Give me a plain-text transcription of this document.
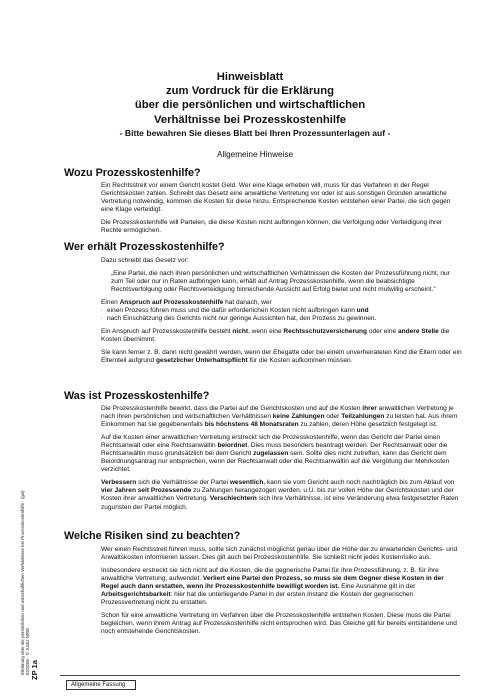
Hinweisblatt
zum Vordruck für die Erklärung
über die persönlichen und wirtschaftlichen
Verhältnisse bei Prozesskostenhilfe
- Bitte bewahren Sie dieses Blatt bei Ihren Prozessunterlagen auf -
Allgemeine Hinweise
Wozu Prozesskostenhilfe?

Ein Rechtsstreit vor einem Gericht kostet Geld. Wer eine Klage erheben will, muss für das Verfahren in der Regel Gerichtskosten zahlen. Schreibt das Gesetz eine anwaltliche Vertretung vor oder ist aus sonstigen Gründen anwaltliche Vertretung notwendig, kommen die Kosten für diese hinzu. Entsprechende Kosten entstehen einer Partei, die sich gegen eine Klage verteidigt.

Die Prozesskostenhilfe will Parteien, die diese Kosten nicht aufbringen können, die Verfolgung oder Verteidigung ihrer Rechte ermöglichen.

Wer erhält Prozesskostenhilfe?

Dazu schreibt das Gesetz vor:

„Eine Partei, die nach ihren persönlichen und wirtschaftlichen Verhältnissen die Kosten der Prozessführung nicht, nur zum Teil oder nur in Raten aufbringen kann, erhält auf Antrag Prozesskostenhilfe, wenn die beabsichtigte Rechtsverfolgung oder Rechtsverteidigung hinreichende Aussicht auf Erfolg bietet und nicht mutwillig erscheint."

Einen Anspruch auf Prozesskostenhilfe hat danach, wer

· einen Prozess führen muss und die dafür erforderlichen Kosten nicht aufbringen kann und

· nach Einschätzung des Gerichts nicht nur geringe Aussichten hat, den Prozess zu gewinnen.

Ein Anspruch auf Prozesskostenhilfe besteht nicht, wenn eine Rechtsschutzversicherung oder eine andere Stelle die Kosten übernimmt.

Sie kann ferner z. B. dann nicht gewährt werden, wenn der Ehegatte oder bei einem unverheirateten Kind die Eltern oder ein Elternteil aufgrund gesetzlicher Unterhaltspflicht für die Kosten aufkommen müssen.

Was ist Prozesskostenhilfe?

Die Prozesskostenhilfe bewirkt, dass die Partei auf die Gerichtskosten und auf die Kosten ihrer anwaltlichen Vertretung je nach ihren persönlichen und wirtschaftlichen Verhältnissen keine Zahlungen oder Teilzahlungen zu leisten hat. Aus ihrem Einkommen hat sie gegebenenfalls bis höchstens 48 Monatsraten zu zahlen, deren Höhe gesetzlich festgelegt ist.

Auf die Kosten einer anwaltlichen Vertretung erstreckt sich die Prozesskostenhilfe, wenn das Gericht der Partei einen Rechtsanwalt oder eine Rechtsanwältin beiordnet. Dies muss besonders beantragt werden. Der Rechtsanwalt oder die Rechtsanwältin muss grundsätzlich bei dem Gericht zugelassen sein. Sollte dies nicht zutreffen, kann das Gericht dem Beiordnungsantrag nur entsprechen, wenn der Rechtsanwalt oder die Rechtsanwältin auf die Vergütung der Mehrkosten verzichtet.

Verbessern sich die Verhältnisse der Partei wesentlich, kann sie vom Gericht auch noch nachträglich bis zum Ablauf von vier Jahren seit Prozessende zu Zahlungen herangezogen werden, u.U. bis zur vollen Höhe der Gerichtskosten und der Kosten ihrer anwaltlichen Vertretung. Verschlechtern sich ihre Verhältnisse, ist eine Veränderung etwa festgesetzter Raten zugunsten der Partei möglich.

Welche Risiken sind zu beachten?

Wer einen Rechtsstreit führen muss, sollte sich zunächst möglichst genau über die Höhe der zu erwartenden Gerichts- und Anwaltskosten informieren lassen. Dies gilt auch bei Prozesskostenhilfe. Sie schließt nicht jedes Kostenrisiko aus.

Insbesondere erstreckt sie sich nicht auf die Kosten, die die gegnerische Partei für ihre Prozessführung, z. B. für ihre anwaltliche Vertretung, aufwendet. Verliert eine Partei den Prozess, so muss sie dem Gegner diese Kosten in der Regel auch dann erstatten, wenn ihr Prozesskostenhilfe bewilligt worden ist. Eine Ausnahme gilt in der Arbeitsgerichtsbarkeit: hier hat die unterliegende Partei in der ersten Instanz die Kosten der gegnerischen Prozessvertretung nicht zu erstatten.

Schon für eine anwaltliche Vertretung im Verfahren über die Prozesskostenhilfe entstehen Kosten. Diese muss die Partei begleichen, wenn ihrem Antrag auf Prozesskostenhilfe nicht entsprochen wird. Das Gleiche gilt für bereits entstandene und noch entstehende Gerichtskosten.

Erklärung über die persönlichen und wirtschaftlichen Verhältnisse bei Prozesskostenhilfe · (gw) 02/2005 · © Justiz NRW ZP 1a
Allgemeine Fassung
